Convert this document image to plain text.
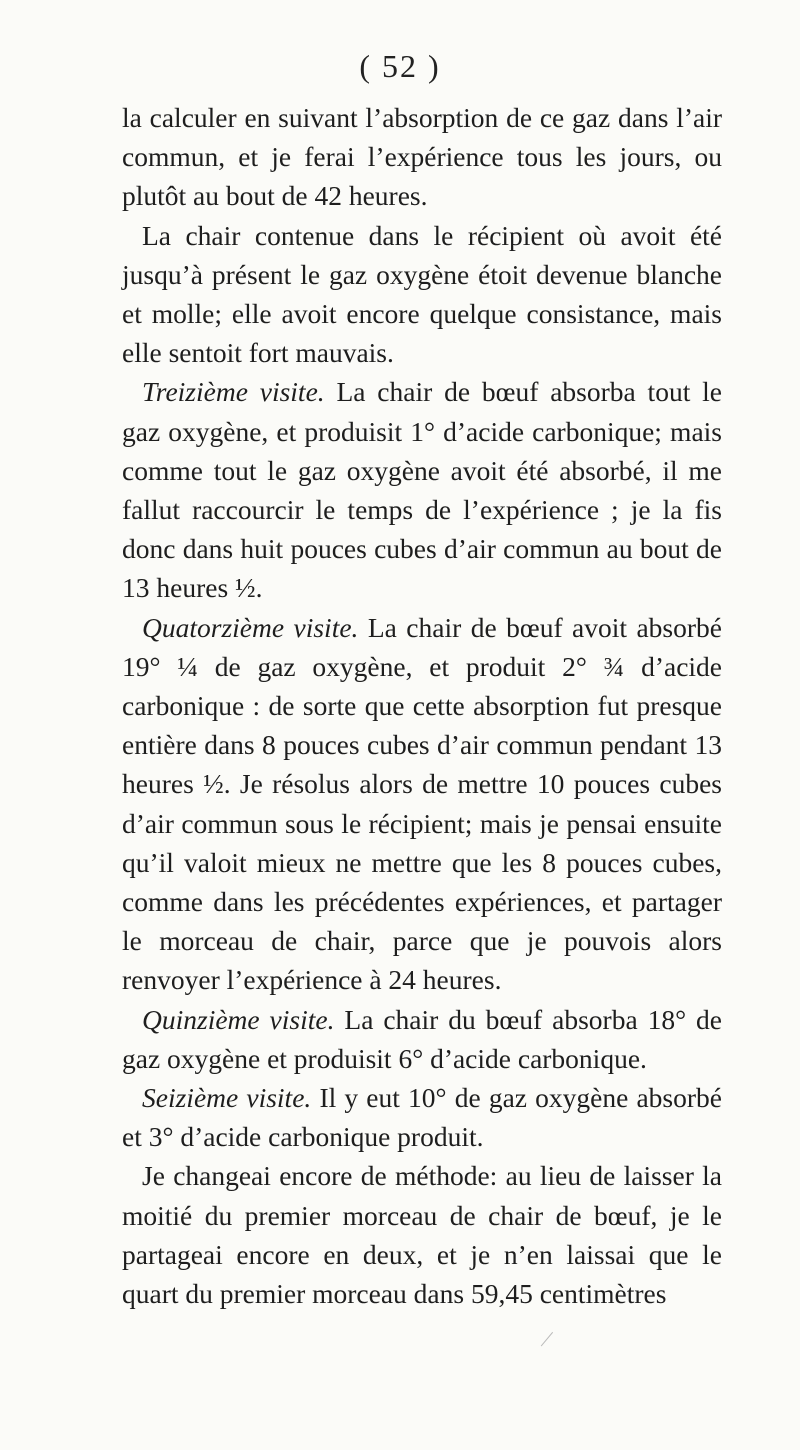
( 52 )

la calculer en suivant l’absorption de ce gaz dans l’air commun, et je ferai l’expérience tous les jours, ou plutôt au bout de 42 heures.

La chair contenue dans le récipient où avoit été jusqu’à présent le gaz oxygène étoit devenue blanche et molle; elle avoit encore quelque consistance, mais elle sentoit fort mauvais.

Treizième visite. La chair de bœuf absorba tout le gaz oxygène, et produisit 1° d’acide carbonique; mais comme tout le gaz oxygène avoit été absorbé, il me fallut raccourcir le temps de l’expérience ; je la fis donc dans huit pouces cubes d’air commun au bout de 13 heures ½.

Quatorzième visite. La chair de bœuf avoit absorbé 19° ¼ de gaz oxygène, et produit 2° ¾ d’acide carbonique : de sorte que cette absorption fut presque entière dans 8 pouces cubes d’air commun pendant 13 heures ½. Je résolus alors de mettre 10 pouces cubes d’air commun sous le récipient; mais je pensai ensuite qu’il valoit mieux ne mettre que les 8 pouces cubes, comme dans les précédentes expériences, et partager le morceau de chair, parce que je pouvois alors renvoyer l’expérience à 24 heures.

Quinzième visite. La chair du bœuf absorba 18° de gaz oxygène et produisit 6° d’acide carbonique.

Seizième visite. Il y eut 10° de gaz oxygène absorbé et 3° d’acide carbonique produit.

Je changeai encore de méthode: au lieu de laisser la moitié du premier morceau de chair de bœuf, je le partageai encore en deux, et je n’en laissai que le quart du premier morceau dans 59,45 centimètres
